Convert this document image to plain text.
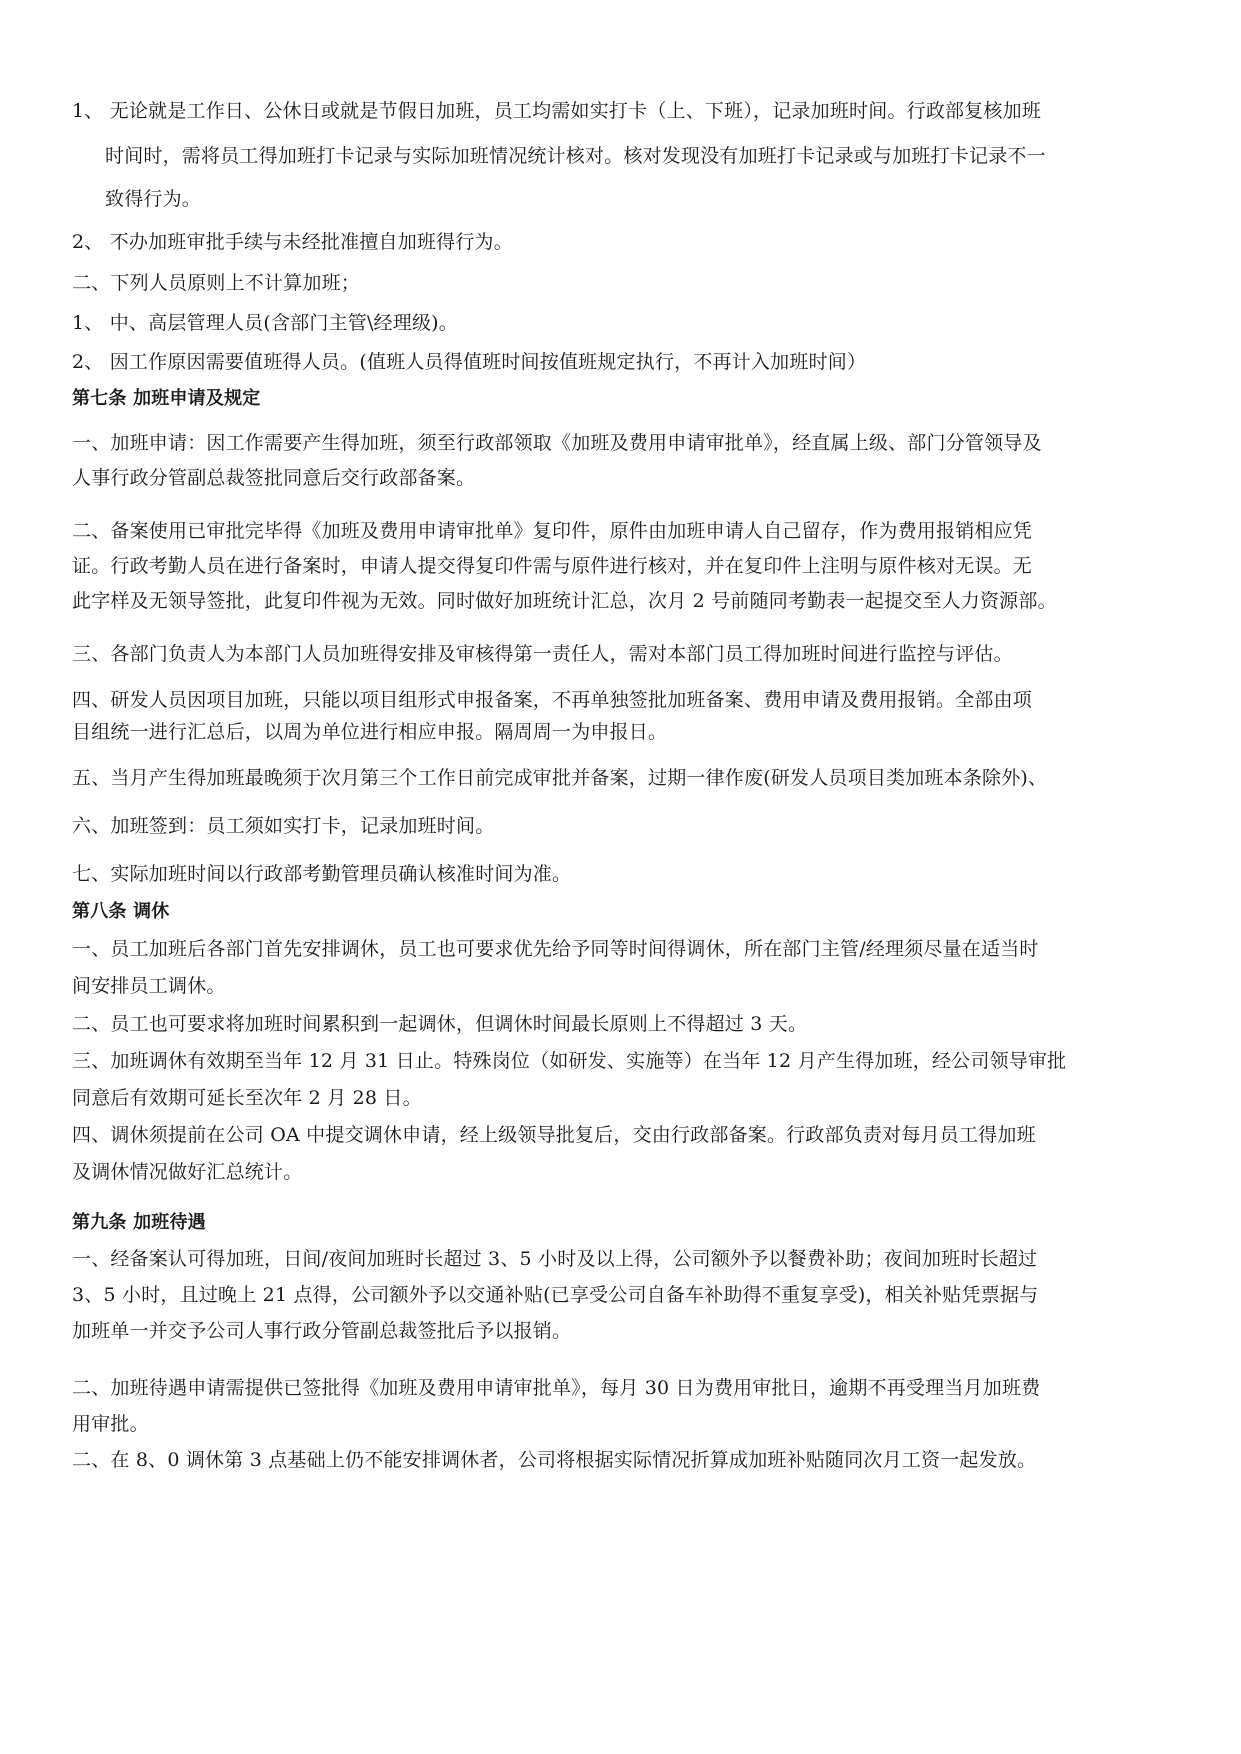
1、 无论就是工作日、公休日或就是节假日加班，员工均需如实打卡（上、下班），记录加班时间。行政部复核加班
时间时，需将员工得加班打卡记录与实际加班情况统计核对。核对发现没有加班打卡记录或与加班打卡记录不一
致得行为。
2、 不办加班审批手续与未经批准擅自加班得行为。
二、下列人员原则上不计算加班；
1、 中、高层管理人员(含部门主管\经理级)。
2、 因工作原因需要值班得人员。(值班人员得值班时间按值班规定执行，不再计入加班时间）
第七条 加班申请及规定
一、加班申请：因工作需要产生得加班，须至行政部领取《加班及费用申请审批单》，经直属上级、部门分管领导及
人事行政分管副总裁签批同意后交行政部备案。
二、备案使用已审批完毕得《加班及费用申请审批单》复印件，原件由加班申请人自己留存，作为费用报销相应凭
证。行政考勤人员在进行备案时，申请人提交得复印件需与原件进行核对，并在复印件上注明与原件核对无误。无
此字样及无领导签批，此复印件视为无效。同时做好加班统计汇总，次月 2 号前随同考勤表一起提交至人力资源部。
三、各部门负责人为本部门人员加班得安排及审核得第一责任人，需对本部门员工得加班时间进行监控与评估。
四、研发人员因项目加班，只能以项目组形式申报备案，不再单独签批加班备案、费用申请及费用报销。全部由项
目组统一进行汇总后，以周为单位进行相应申报。隔周周一为申报日。
五、当月产生得加班最晚须于次月第三个工作日前完成审批并备案，过期一律作废(研发人员项目类加班本条除外)、
六、加班签到：员工须如实打卡，记录加班时间。
七、实际加班时间以行政部考勤管理员确认核准时间为准。
第八条 调休
一、员工加班后各部门首先安排调休，员工也可要求优先给予同等时间得调休，所在部门主管/经理须尽量在适当时
间安排员工调休。
二、员工也可要求将加班时间累积到一起调休，但调休时间最长原则上不得超过 3 天。
三、加班调休有效期至当年 12 月 31 日止。特殊岗位（如研发、实施等）在当年 12 月产生得加班，经公司领导审批
同意后有效期可延长至次年 2 月 28 日。
四、调休须提前在公司 OA 中提交调休申请，经上级领导批复后，交由行政部备案。行政部负责对每月员工得加班
及调休情况做好汇总统计。
第九条 加班待遇
一、经备案认可得加班，日间/夜间加班时长超过 3、5 小时及以上得，公司额外予以餐费补助；夜间加班时长超过
3、5 小时，且过晚上 21 点得，公司额外予以交通补贴(已享受公司自备车补助得不重复享受)，相关补贴凭票据与
加班单一并交予公司人事行政分管副总裁签批后予以报销。
二、加班待遇申请需提供已签批得《加班及费用申请审批单》，每月 30 日为费用审批日，逾期不再受理当月加班费
用审批。
二、在 8、0 调休第 3 点基础上仍不能安排调休者，公司将根据实际情况折算成加班补贴随同次月工资一起发放。
